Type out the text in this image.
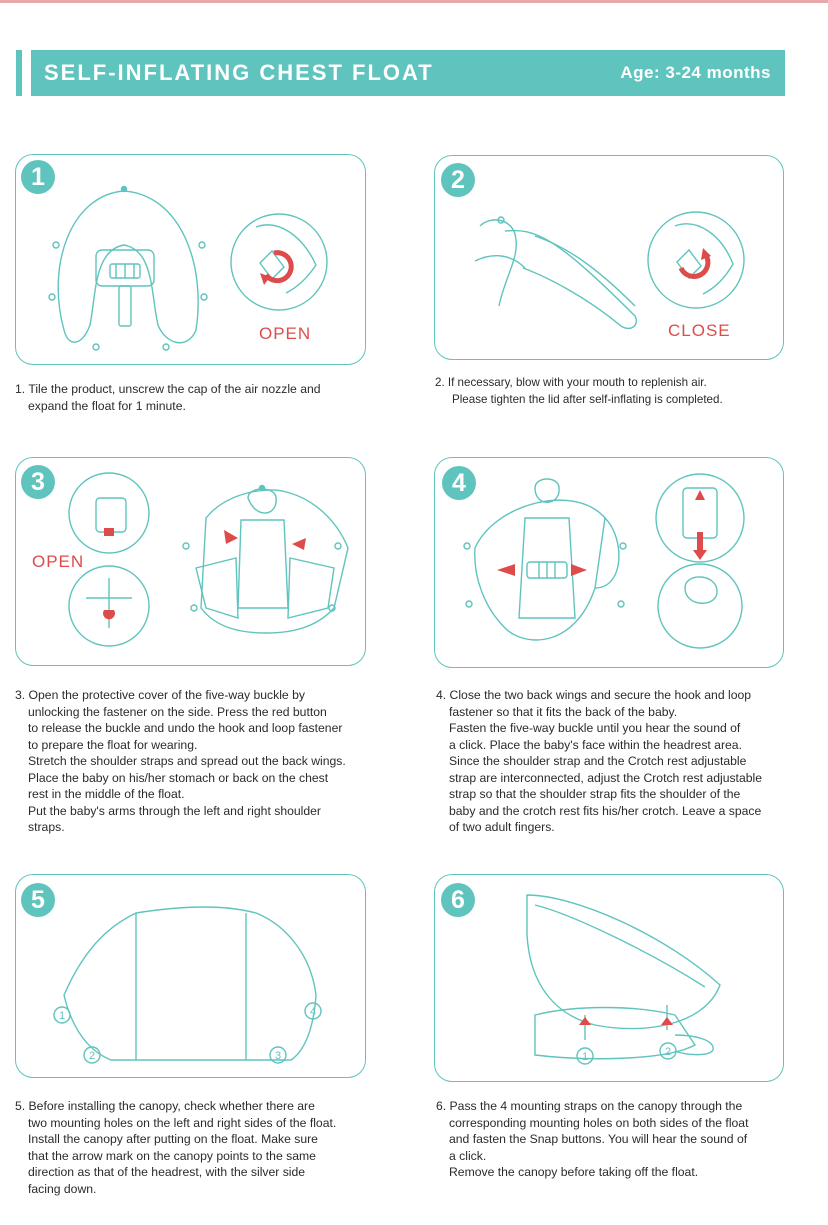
SELF-INFLATING CHEST FLOAT	Age: 3-24 months
1
OPEN
2
CLOSE
3
OPEN
4
1
2	3
4
5
1	2
6

1. Tile the product, unscrew the cap of the air nozzle and

expand the float for 1 minute.

2. If necessary, blow with your mouth to replenish air.

Please tighten the lid after self-inflating is completed.

3. Open the protective cover of the five-way buckle by

unlocking the fastener on the side. Press the red button

to release the buckle and undo the hook and loop fastener

to prepare the float for wearing.

Stretch the shoulder straps and spread out the back wings.

Place the baby on his/her stomach or back on the chest

rest in the middle of the float.

Put the baby's arms through the left and right shoulder

straps.

4. Close the two back wings and secure the hook and loop

fastener so that it fits the back of the baby.

Fasten the five-way buckle until you hear the sound of

a click. Place the baby's face within the headrest area.

Since the shoulder strap and the Crotch rest adjustable

strap are interconnected, adjust the Crotch rest adjustable

strap so that the shoulder strap fits the shoulder of the

baby and the crotch rest fits his/her crotch. Leave a space

of two adult fingers.

5. Before installing the canopy, check whether there are

two mounting holes on the left and right sides of the float.

Install the canopy after putting on the float. Make sure

that the arrow mark on the canopy points to the same

direction as that of the headrest, with the silver side

facing down.

6. Pass the 4 mounting straps on the canopy through the

corresponding mounting holes on both sides of the float

and fasten the Snap buttons. You will hear the sound of

a click.

Remove the canopy before taking off the float.
